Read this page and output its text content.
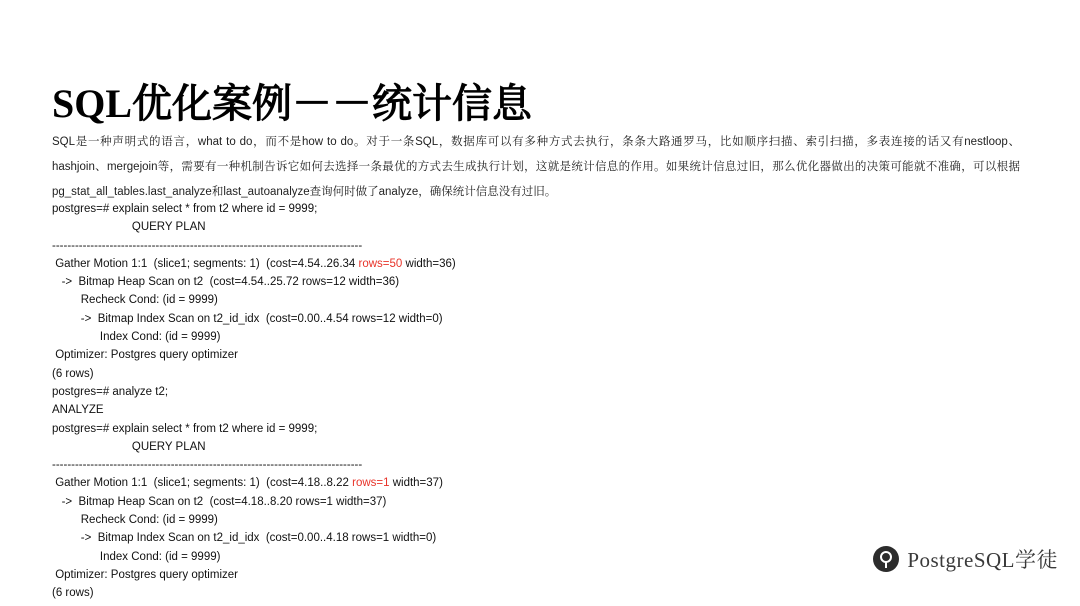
SQL优化案例－－统计信息

SQL是一种声明式的语言，what to do，而不是how to do。对于一条SQL，数据库可以有多种方式去执行，条条大路通罗马，比如顺序扫描、索引扫描，多表连接的话又有nestloop、hashjoin、mergejoin等，需要有一种机制告诉它如何去选择一条最优的方式去生成执行计划，这就是统计信息的作用。如果统计信息过旧，那么优化器做出的决策可能就不准确，可以根据pg_stat_all_tables.last_analyze和last_autoanalyze查询何时做了analyze，确保统计信息没有过旧。

postgres=# explain select * from t2 where id = 9999;
QUERY PLAN
---------------------------------------------------------------------------------
Gather Motion 1:1  (slice1; segments: 1)  (cost=4.54..26.34 rows=50 width=36)
->  Bitmap Heap Scan on t2  (cost=4.54..25.72 rows=12 width=36)
Recheck Cond: (id = 9999)
->  Bitmap Index Scan on t2_id_idx  (cost=0.00..4.54 rows=12 width=0)
Index Cond: (id = 9999)
Optimizer: Postgres query optimizer
(6 rows)
postgres=# analyze t2;
ANALYZE
postgres=# explain select * from t2 where id = 9999;
QUERY PLAN
---------------------------------------------------------------------------------
Gather Motion 1:1  (slice1; segments: 1)  (cost=4.18..8.22 rows=1 width=37)
->  Bitmap Heap Scan on t2  (cost=4.18..8.20 rows=1 width=37)
Recheck Cond: (id = 9999)
->  Bitmap Index Scan on t2_id_idx  (cost=0.00..4.18 rows=1 width=0)
Index Cond: (id = 9999)
Optimizer: Postgres query optimizer
(6 rows)
PostgreSQL学徒
